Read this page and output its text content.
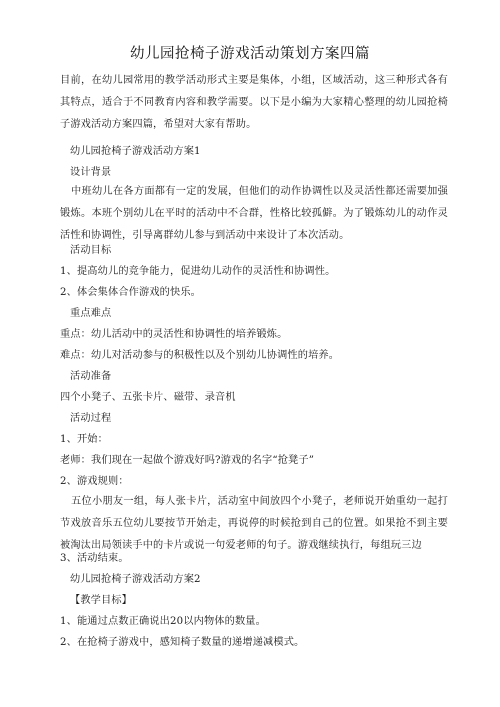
幼儿园抢椅子游戏活动策划方案四篇
目前，在幼儿园常用的教学活动形式主要是集体，小组，区域活动，这三种形式各有其特点，适合于不同教育内容和教学需要。以下是小编为大家精心整理的幼儿园抢椅子游戏活动方案四篇，希望对大家有帮助。
幼儿园抢椅子游戏活动方案1
设计背景
中班幼儿在各方面都有一定的发展，但他们的动作协调性以及灵活性都还需要加强锻炼。本班个别幼儿在平时的活动中不合群，性格比较孤僻。为了锻炼幼儿的动作灵活性和协调性，引导离群幼儿参与到活动中来设计了本次活动。
活动目标
1、提高幼儿的竞争能力，促进幼儿动作的灵活性和协调性。
2、体会集体合作游戏的快乐。
重点难点
重点：幼儿活动中的灵活性和协调性的培养锻炼。
难点：幼儿对活动参与的积极性以及个别幼儿协调性的培养。
活动准备
四个小凳子、五张卡片、磁带、录音机
活动过程
1、开始：
老师：我们现在一起做个游戏好吗?游戏的名字“抢凳子”
2、游戏规则：
五位小朋友一组，每人张卡片，活动室中间放四个小凳子，老师说开始重幼一起打节戏放音乐五位幼儿要按节开始走，再说停的时候抢到自己的位置。如果抢不到主要被淘汰出局领读手中的卡片或说一句爱老师的句子。游戏继续执行，每组玩三边
3、活动结束。
幼儿园抢椅子游戏活动方案2
【教学目标】
1、能通过点数正确说出20以内物体的数量。
2、在抢椅子游戏中，感知椅子数量的递增递减模式。
